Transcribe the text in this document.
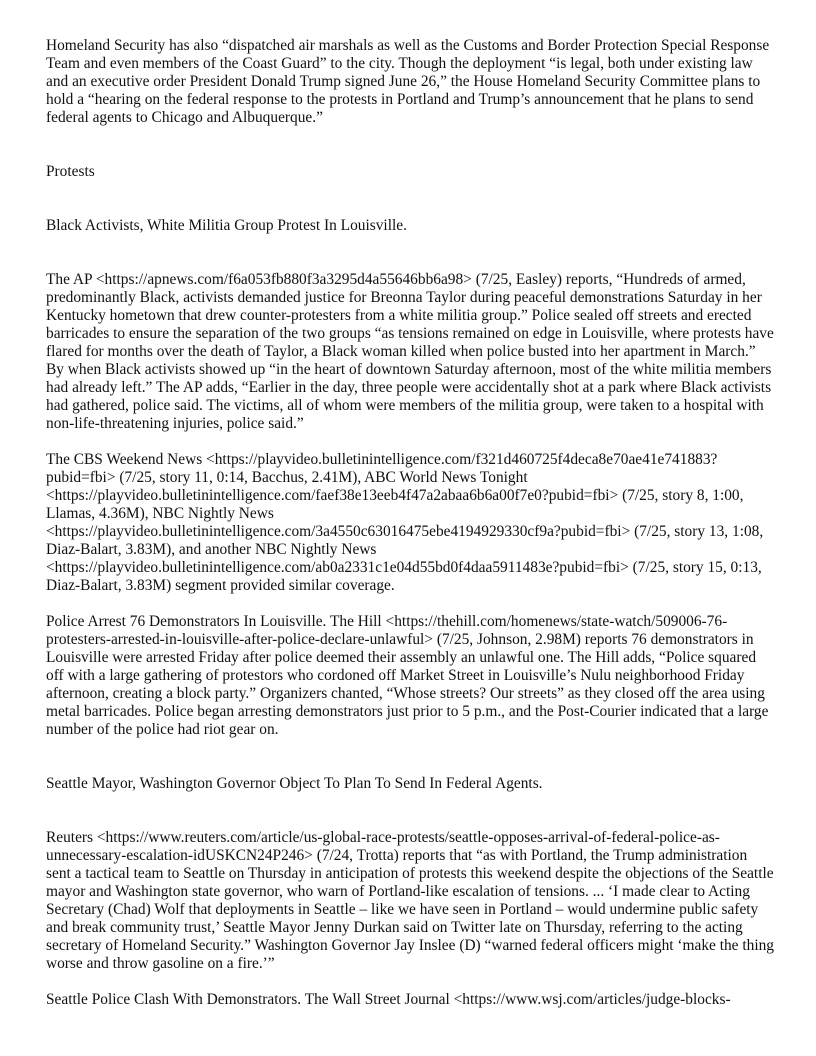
Homeland Security has also “dispatched air marshals as well as the Customs and Border Protection Special Response Team and even members of the Coast Guard” to the city. Though the deployment “is legal, both under existing law and an executive order President Donald Trump signed June 26,” the House Homeland Security Committee plans to hold a “hearing on the federal response to the protests in Portland and Trump’s announcement that he plans to send federal agents to Chicago and Albuquerque.”

Protests

Black Activists, White Militia Group Protest In Louisville.

The AP <https://apnews.com/f6a053fb880f3a3295d4a55646bb6a98> (7/25, Easley) reports, “Hundreds of armed, predominantly Black, activists demanded justice for Breonna Taylor during peaceful demonstrations Saturday in her Kentucky hometown that drew counter-protesters from a white militia group.” Police sealed off streets and erected barricades to ensure the separation of the two groups “as tensions remained on edge in Louisville, where protests have flared for months over the death of Taylor, a Black woman killed when police busted into her apartment in March.” By when Black activists showed up “in the heart of downtown Saturday afternoon, most of the white militia members had already left.” The AP adds, “Earlier in the day, three people were accidentally shot at a park where Black activists had gathered, police said. The victims, all of whom were members of the militia group, were taken to a hospital with non-life-threatening injuries, police said.”

The CBS Weekend News <https://playvideo.bulletinintelligence.com/f321d460725f4deca8e70ae41e741883?pubid=fbi> (7/25, story 11, 0:14, Bacchus, 2.41M), ABC World News Tonight <https://playvideo.bulletinintelligence.com/faef38e13eeb4f47a2abaa6b6a00f7e0?pubid=fbi> (7/25, story 8, 1:00, Llamas, 4.36M), NBC Nightly News <https://playvideo.bulletinintelligence.com/3a4550c63016475ebe4194929330cf9a?pubid=fbi> (7/25, story 13, 1:08, Diaz-Balart, 3.83M), and another NBC Nightly News <https://playvideo.bulletinintelligence.com/ab0a2331c1e04d55bd0f4daa5911483e?pubid=fbi> (7/25, story 15, 0:13, Diaz-Balart, 3.83M) segment provided similar coverage.

Police Arrest 76 Demonstrators In Louisville. The Hill <https://thehill.com/homenews/state-watch/509006-76-protesters-arrested-in-louisville-after-police-declare-unlawful> (7/25, Johnson, 2.98M) reports 76 demonstrators in Louisville were arrested Friday after police deemed their assembly an unlawful one. The Hill adds, “Police squared off with a large gathering of protestors who cordoned off Market Street in Louisville’s Nulu neighborhood Friday afternoon, creating a block party.” Organizers chanted, “Whose streets? Our streets” as they closed off the area using metal barricades. Police began arresting demonstrators just prior to 5 p.m., and the Post-Courier indicated that a large number of the police had riot gear on.

Seattle Mayor, Washington Governor Object To Plan To Send In Federal Agents.

Reuters <https://www.reuters.com/article/us-global-race-protests/seattle-opposes-arrival-of-federal-police-as-unnecessary-escalation-idUSKCN24P246> (7/24, Trotta) reports that “as with Portland, the Trump administration sent a tactical team to Seattle on Thursday in anticipation of protests this weekend despite the objections of the Seattle mayor and Washington state governor, who warn of Portland-like escalation of tensions. ... ‘I made clear to Acting Secretary (Chad) Wolf that deployments in Seattle – like we have seen in Portland – would undermine public safety and break community trust,’ Seattle Mayor Jenny Durkan said on Twitter late on Thursday, referring to the acting secretary of Homeland Security.” Washington Governor Jay Inslee (D) “warned federal officers might ‘make the thing worse and throw gasoline on a fire.’”

Seattle Police Clash With Demonstrators. The Wall Street Journal <https://www.wsj.com/articles/judge-blocks-
